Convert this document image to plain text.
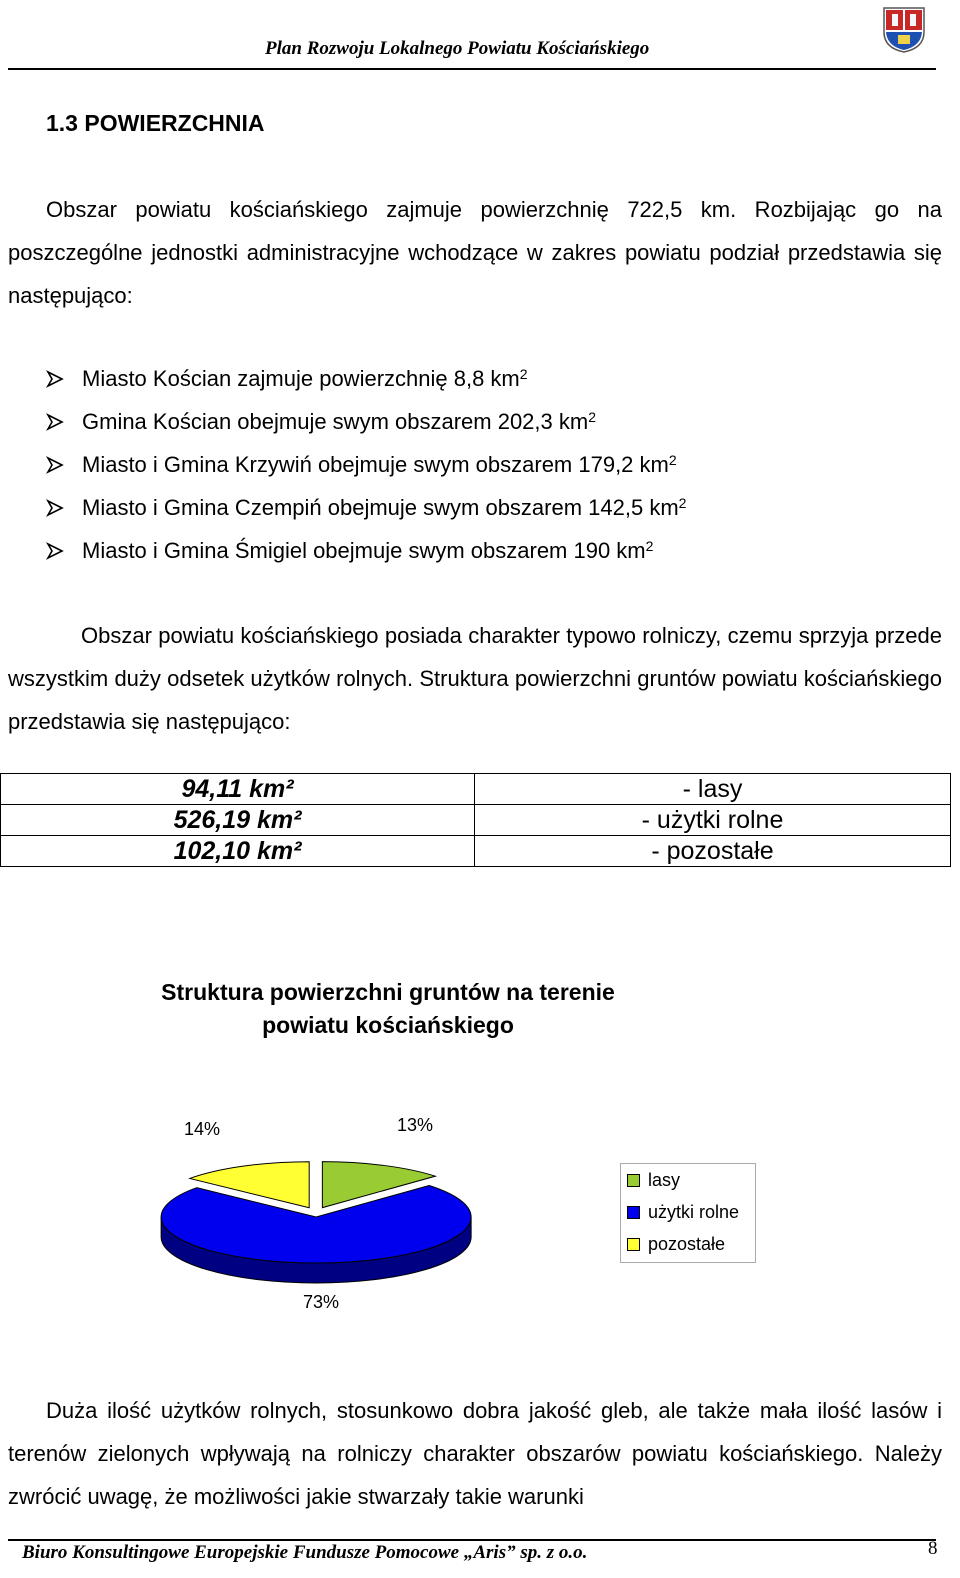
Plan Rozwoju Lokalnego Powiatu Kościańskiego
1.3 POWIERZCHNIA
Obszar powiatu kościańskiego zajmuje powierzchnię 722,5 km. Rozbijając go na poszczególne jednostki administracyjne wchodzące w zakres powiatu podział przedstawia się następująco:
Miasto Kościan zajmuje powierzchnię 8,8 $km^2$
Gmina Kościan obejmuje swym obszarem 202,3 $km^2$
Miasto i Gmina Krzywiń obejmuje swym obszarem 179,2 $km^2$
Miasto i Gmina Czempiń obejmuje swym obszarem 142,5 $km^2$
Miasto i Gmina Śmigiel obejmuje swym obszarem 190 $km^2$
Obszar powiatu kościańskiego posiada charakter typowo rolniczy, czemu sprzyja przede wszystkim duży odsetek użytków rolnych. Struktura powierzchni gruntów powiatu kościańskiego przedstawia się następująco:
94,11 km²	- lasy
526,19 km²	- użytki rolne
102,10 km²	- pozostałe
Struktura powierzchni gruntów na terenie
powiatu kościańskiego
14%	13%
73%
lasy
użytki rolne
pozostałe
Duża ilość użytków rolnych, stosunkowo dobra jakość gleb, ale także mała ilość lasów i terenów zielonych wpływają na rolniczy charakter obszarów powiatu kościańskiego. Należy zwrócić uwagę, że możliwości jakie stwarzały takie warunki
Biuro Konsultingowe Europejskie Fundusze Pomocowe „Aris” sp. z o.o.	8
